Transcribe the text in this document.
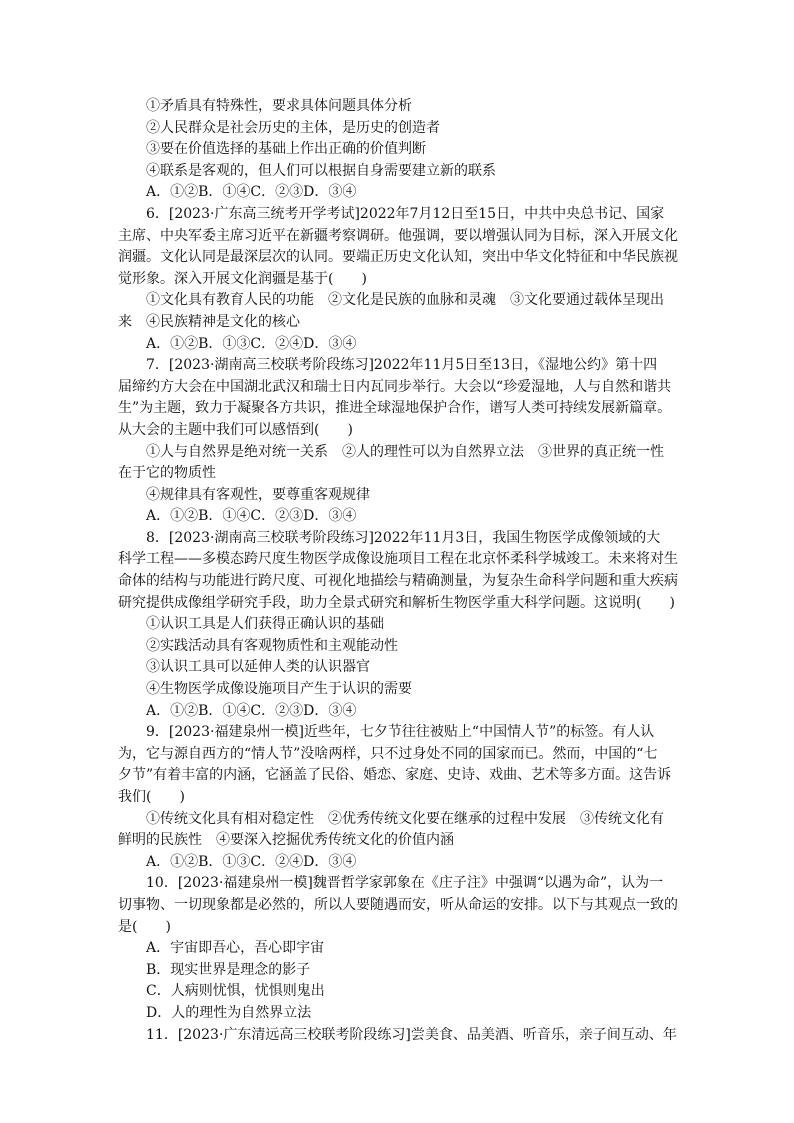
①矛盾具有特殊性，要求具体问题具体分析
②人民群众是社会历史的主体，是历史的创造者
③要在价值选择的基础上作出正确的价值判断
④联系是客观的，但人们可以根据自身需要建立新的联系
A．①②B．①④C．②③D．③④
6．[2023·广东高三统考开学考试]2022年7月12日至15日，中共中央总书记、国家
主席、中央军委主席习近平在新疆考察调研。他强调，要以增强认同为目标，深入开展文化
润疆。文化认同是最深层次的认同。要端正历史文化认知，突出中华文化特征和中华民族视
觉形象。深入开展文化润疆是基于(　　)
①文化具有教育人民的功能　②文化是民族的血脉和灵魂　③文化要通过载体呈现出
来　④民族精神是文化的核心
A．①②B．①③C．②④D．③④
7．[2023·湖南高三校联考阶段练习]2022年11月5日至13日，《湿地公约》第十四
届缔约方大会在中国湖北武汉和瑞士日内瓦同步举行。大会以“珍爱湿地，人与自然和谐共
生”为主题，致力于凝聚各方共识，推进全球湿地保护合作，谱写人类可持续发展新篇章。
从大会的主题中我们可以感悟到(　　)
①人与自然界是绝对统一关系　②人的理性可以为自然界立法　③世界的真正统一性
在于它的物质性
④规律具有客观性，要尊重客观规律
A．①②B．①④C．②③D．③④
8．[2023·湖南高三校联考阶段练习]2022年11月3日，我国生物医学成像领域的大
科学工程——多模态跨尺度生物医学成像设施项目工程在北京怀柔科学城竣工。未来将对生
命体的结构与功能进行跨尺度、可视化地描绘与精确测量，为复杂生命科学问题和重大疾病
研究提供成像组学研究手段，助力全景式研究和解析生物医学重大科学问题。这说明(　　)
①认识工具是人们获得正确认识的基础
②实践活动具有客观物质性和主观能动性
③认识工具可以延伸人类的认识器官
④生物医学成像设施项目产生于认识的需要
A．①②B．①④C．②③D．③④
9．[2023·福建泉州一模]近些年，七夕节往往被贴上“中国情人节”的标签。有人认
为，它与源自西方的“情人节”没啥两样，只不过身处不同的国家而已。然而，中国的“七
夕节”有着丰富的内涵，它涵盖了民俗、婚恋、家庭、史诗、戏曲、艺术等多方面。这告诉
我们(　　)
①传统文化具有相对稳定性　②优秀传统文化要在继承的过程中发展　③传统文化有
鲜明的民族性　④要深入挖掘优秀传统文化的价值内涵
A．①②B．①③C．②④D．③④
10．[2023·福建泉州一模]魏晋哲学家郭象在《庄子注》中强调“以遇为命”，认为一
切事物、一切现象都是必然的，所以人要随遇而安，听从命运的安排。以下与其观点一致的
是(　　)
A．宇宙即吾心，吾心即宇宙
B．现实世界是理念的影子
C．人病则忧惧，忧惧则鬼出
D．人的理性为自然界立法
11．[2023·广东清远高三校联考阶段练习]尝美食、品美酒、听音乐，亲子间互动、年
